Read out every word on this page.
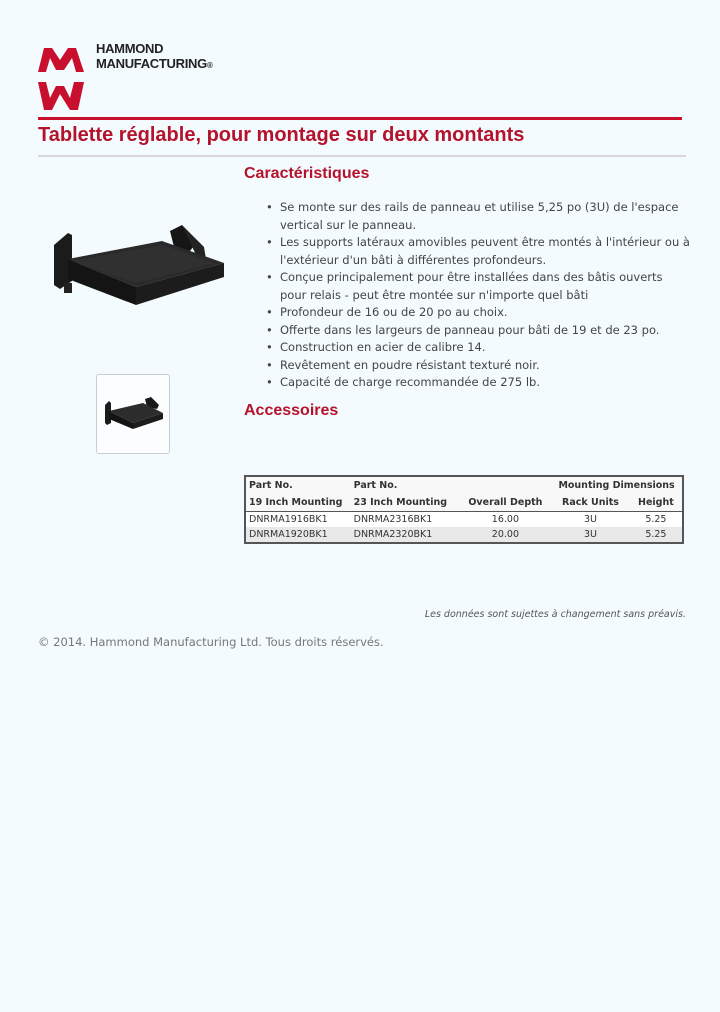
HAMMOND
MANUFACTURING®
Tablette réglable, pour montage sur deux montants
Caractéristiques
• Se monte sur des rails de panneau et utilise 5,25 po (3U) de l'espace vertical sur le panneau.
• Les supports latéraux amovibles peuvent être montés à l'intérieur ou à l'extérieur d'un bâti à différentes profondeurs.
• Conçue principalement pour être installées dans des bâtis ouverts pour relais - peut être montée sur n'importe quel bâti
• Profondeur de 16 ou de 20 po au choix.
• Offerte dans les largeurs de panneau pour bâti de 19 et de 23 po.
• Construction en acier de calibre 14.
• Revêtement en poudre résistant texturé noir.
• Capacité de charge recommandée de 275 lb.
Accessoires
Part No.	Part No.		Mounting Dimensions	
19 Inch Mounting	23 Inch Mounting	Overall Depth	Rack Units	Height
DNRMA1916BK1	DNRMA2316BK1	16.00	3U	5.25
DNRMA1920BK1	DNRMA2320BK1	20.00	3U	5.25
Les données sont sujettes à changement sans préavis.
© 2014. Hammond Manufacturing Ltd. Tous droits réservés.
